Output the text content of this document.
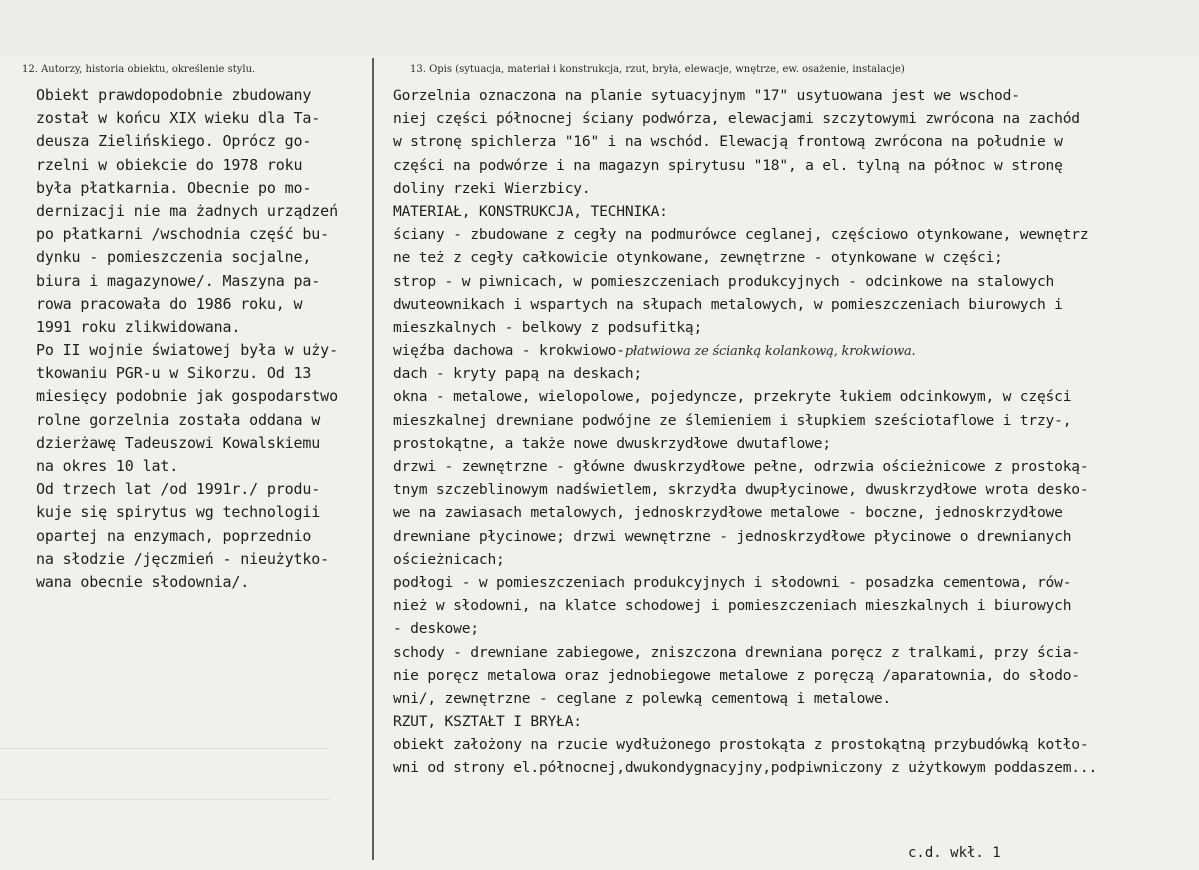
12. Autorzy, historia obiektu, określenie stylu.	13. Opis (sytuacja, materiał i konstrukcja, rzut, bryła, elewacje, wnętrze, ew. osażenie, instalacje)
Obiekt prawdopodobnie zbudowany
został w końcu XIX wieku dla Ta-
deusza Zielińskiego. Oprócz go-
rzelni w obiekcie do 1978 roku
była płatkarnia. Obecnie po mo-
dernizacji nie ma żadnych urządzeń
po płatkarni /wschodnia część bu-
dynku - pomieszczenia socjalne,
biura i magazynowe/. Maszyna pa-
rowa pracowała do 1986 roku, w
1991 roku zlikwidowana.
Po II wojnie światowej była w uży-
tkowaniu PGR-u w Sikorzu. Od 13
miesięcy podobnie jak gospodarstwo
rolne gorzelnia została oddana w
dzierżawę Tadeuszowi Kowalskiemu
na okres 10 lat.
Od trzech lat /od 1991r./ produ-
kuje się spirytus wg technologii
opartej na enzymach, poprzednio
na słodzie /jęczmień - nieużytko-
wana obecnie słodownia/.
Gorzelnia oznaczona na planie sytuacyjnym "17" usytuowana jest we wschod-
niej części północnej ściany podwórza, elewacjami szczytowymi zwrócona na zachód
w stronę spichlerza "16" i na wschód. Elewacją frontową zwrócona na południe w
części na podwórze i na magazyn spirytusu "18", a el. tylną na północ w stronę
doliny rzeki Wierzbicy.
MATERIAŁ, KONSTRUKCJA, TECHNIKA:
ściany - zbudowane z cegły na podmurówce ceglanej, częściowo otynkowane, wewnętrz
ne też z cegły całkowicie otynkowane, zewnętrzne - otynkowane w części;
strop - w piwnicach, w pomieszczeniach produkcyjnych - odcinkowe na stalowych
dwuteownikach i wspartych na słupach metalowych, w pomieszczeniach biurowych i
mieszkalnych - belkowy z podsufitką;
więźba dachowa - krokwiowo-płatwiowa ze ścianką kolankową, krokwiowa.
dach - kryty papą na deskach;
okna - metalowe, wielopolowe, pojedyncze, przekryte łukiem odcinkowym, w części
mieszkalnej drewniane podwójne ze ślemieniem i słupkiem sześciotaflowe i trzy-,
prostokątne, a także nowe dwuskrzydłowe dwutaflowe;
drzwi - zewnętrzne - główne dwuskrzydłowe pełne, odrzwia ościeżnicowe z prostoką-
tnym szczeblinowym nadświetlem, skrzydła dwupłycinowe, dwuskrzydłowe wrota desko-
we na zawiasach metalowych, jednoskrzydłowe metalowe - boczne, jednoskrzydłowe
drewniane płycinowe; drzwi wewnętrzne - jednoskrzydłowe płycinowe o drewnianych
ościeżnicach;
podłogi - w pomieszczeniach produkcyjnych i słodowni - posadzka cementowa, rów-
nież w słodowni, na klatce schodowej i pomieszczeniach mieszkalnych i biurowych
- deskowe;
schody - drewniane zabiegowe, zniszczona drewniana poręcz z tralkami, przy ścia-
nie poręcz metalowa oraz jednobiegowe metalowe z poręczą /aparatownia, do słodo-
wni/, zewnętrzne - ceglane z polewką cementową i metalowe.
RZUT, KSZTAŁT I BRYŁA:
obiekt założony na rzucie wydłużonego prostokąta z prostokątną przybudówką kotło-
wni od strony el.północnej,dwukondygnacyjny,podpiwniczony z użytkowym poddaszem...
c.d. wkł. 1
